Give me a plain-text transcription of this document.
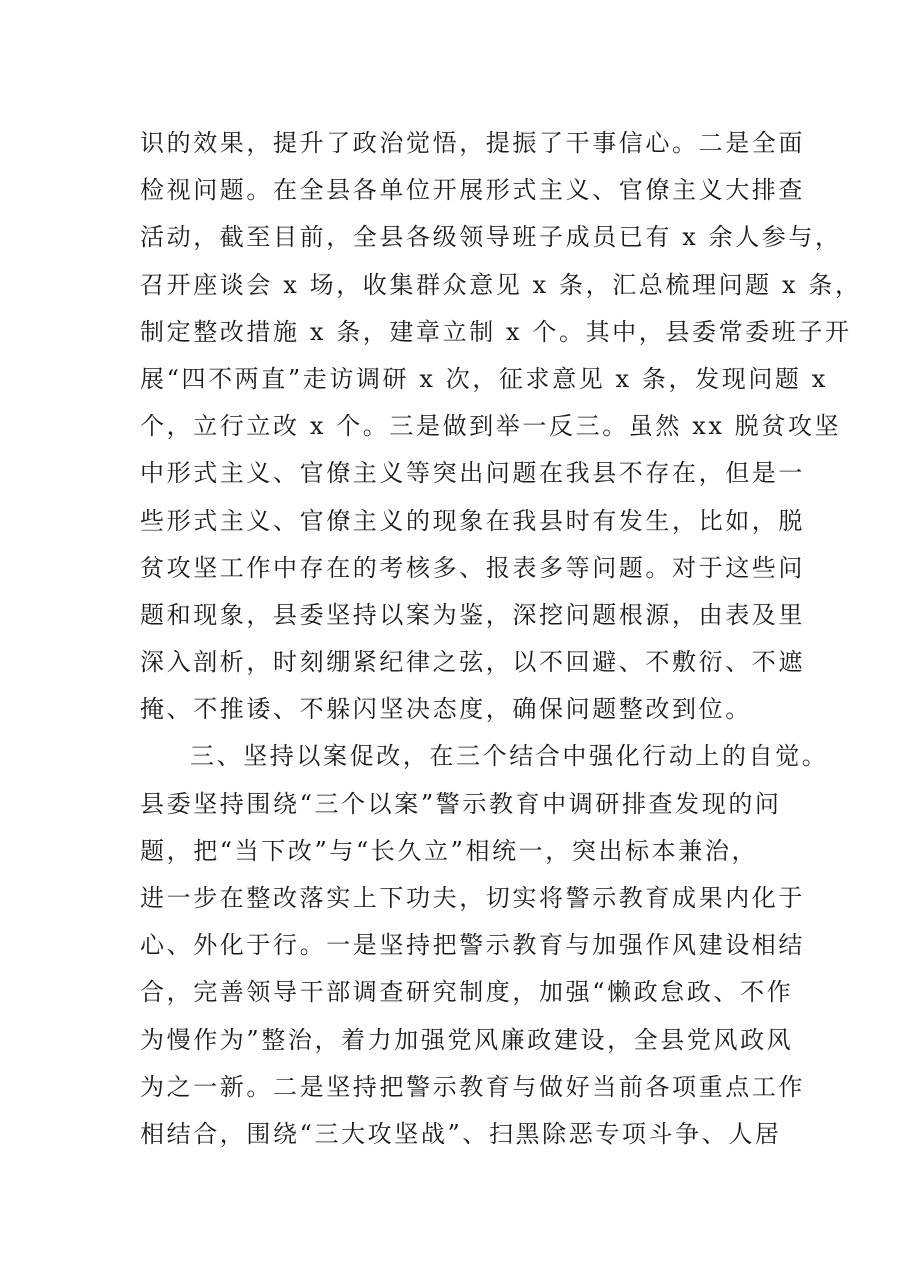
识的效果，提升了政治觉悟，提振了干事信心。二是全面
检视问题。在全县各单位开展形式主义、官僚主义大排查
活动，截至目前，全县各级领导班子成员已有 x 余人参与，
召开座谈会 x 场，收集群众意见 x 条，汇总梳理问题 x 条，
制定整改措施 x 条，建章立制 x 个。其中，县委常委班子开
展“四不两直”走访调研 x 次，征求意见 x 条，发现问题 x
个，立行立改 x 个。三是做到举一反三。虽然 xx 脱贫攻坚
中形式主义、官僚主义等突出问题在我县不存在，但是一
些形式主义、官僚主义的现象在我县时有发生，比如，脱
贫攻坚工作中存在的考核多、报表多等问题。对于这些问
题和现象，县委坚持以案为鉴，深挖问题根源，由表及里
深入剖析，时刻绷紧纪律之弦，以不回避、不敷衍、不遮
掩、不推诿、不躲闪坚决态度，确保问题整改到位。
三、坚持以案促改，在三个结合中强化行动上的自觉。
县委坚持围绕“三个以案”警示教育中调研排查发现的问
题，把“当下改”与“长久立”相统一，突出标本兼治，
进一步在整改落实上下功夫，切实将警示教育成果内化于
心、外化于行。一是坚持把警示教育与加强作风建设相结
合，完善领导干部调查研究制度，加强“懒政怠政、不作
为慢作为”整治，着力加强党风廉政建设，全县党风政风
为之一新。二是坚持把警示教育与做好当前各项重点工作
相结合，围绕“三大攻坚战”、扫黑除恶专项斗争、人居
